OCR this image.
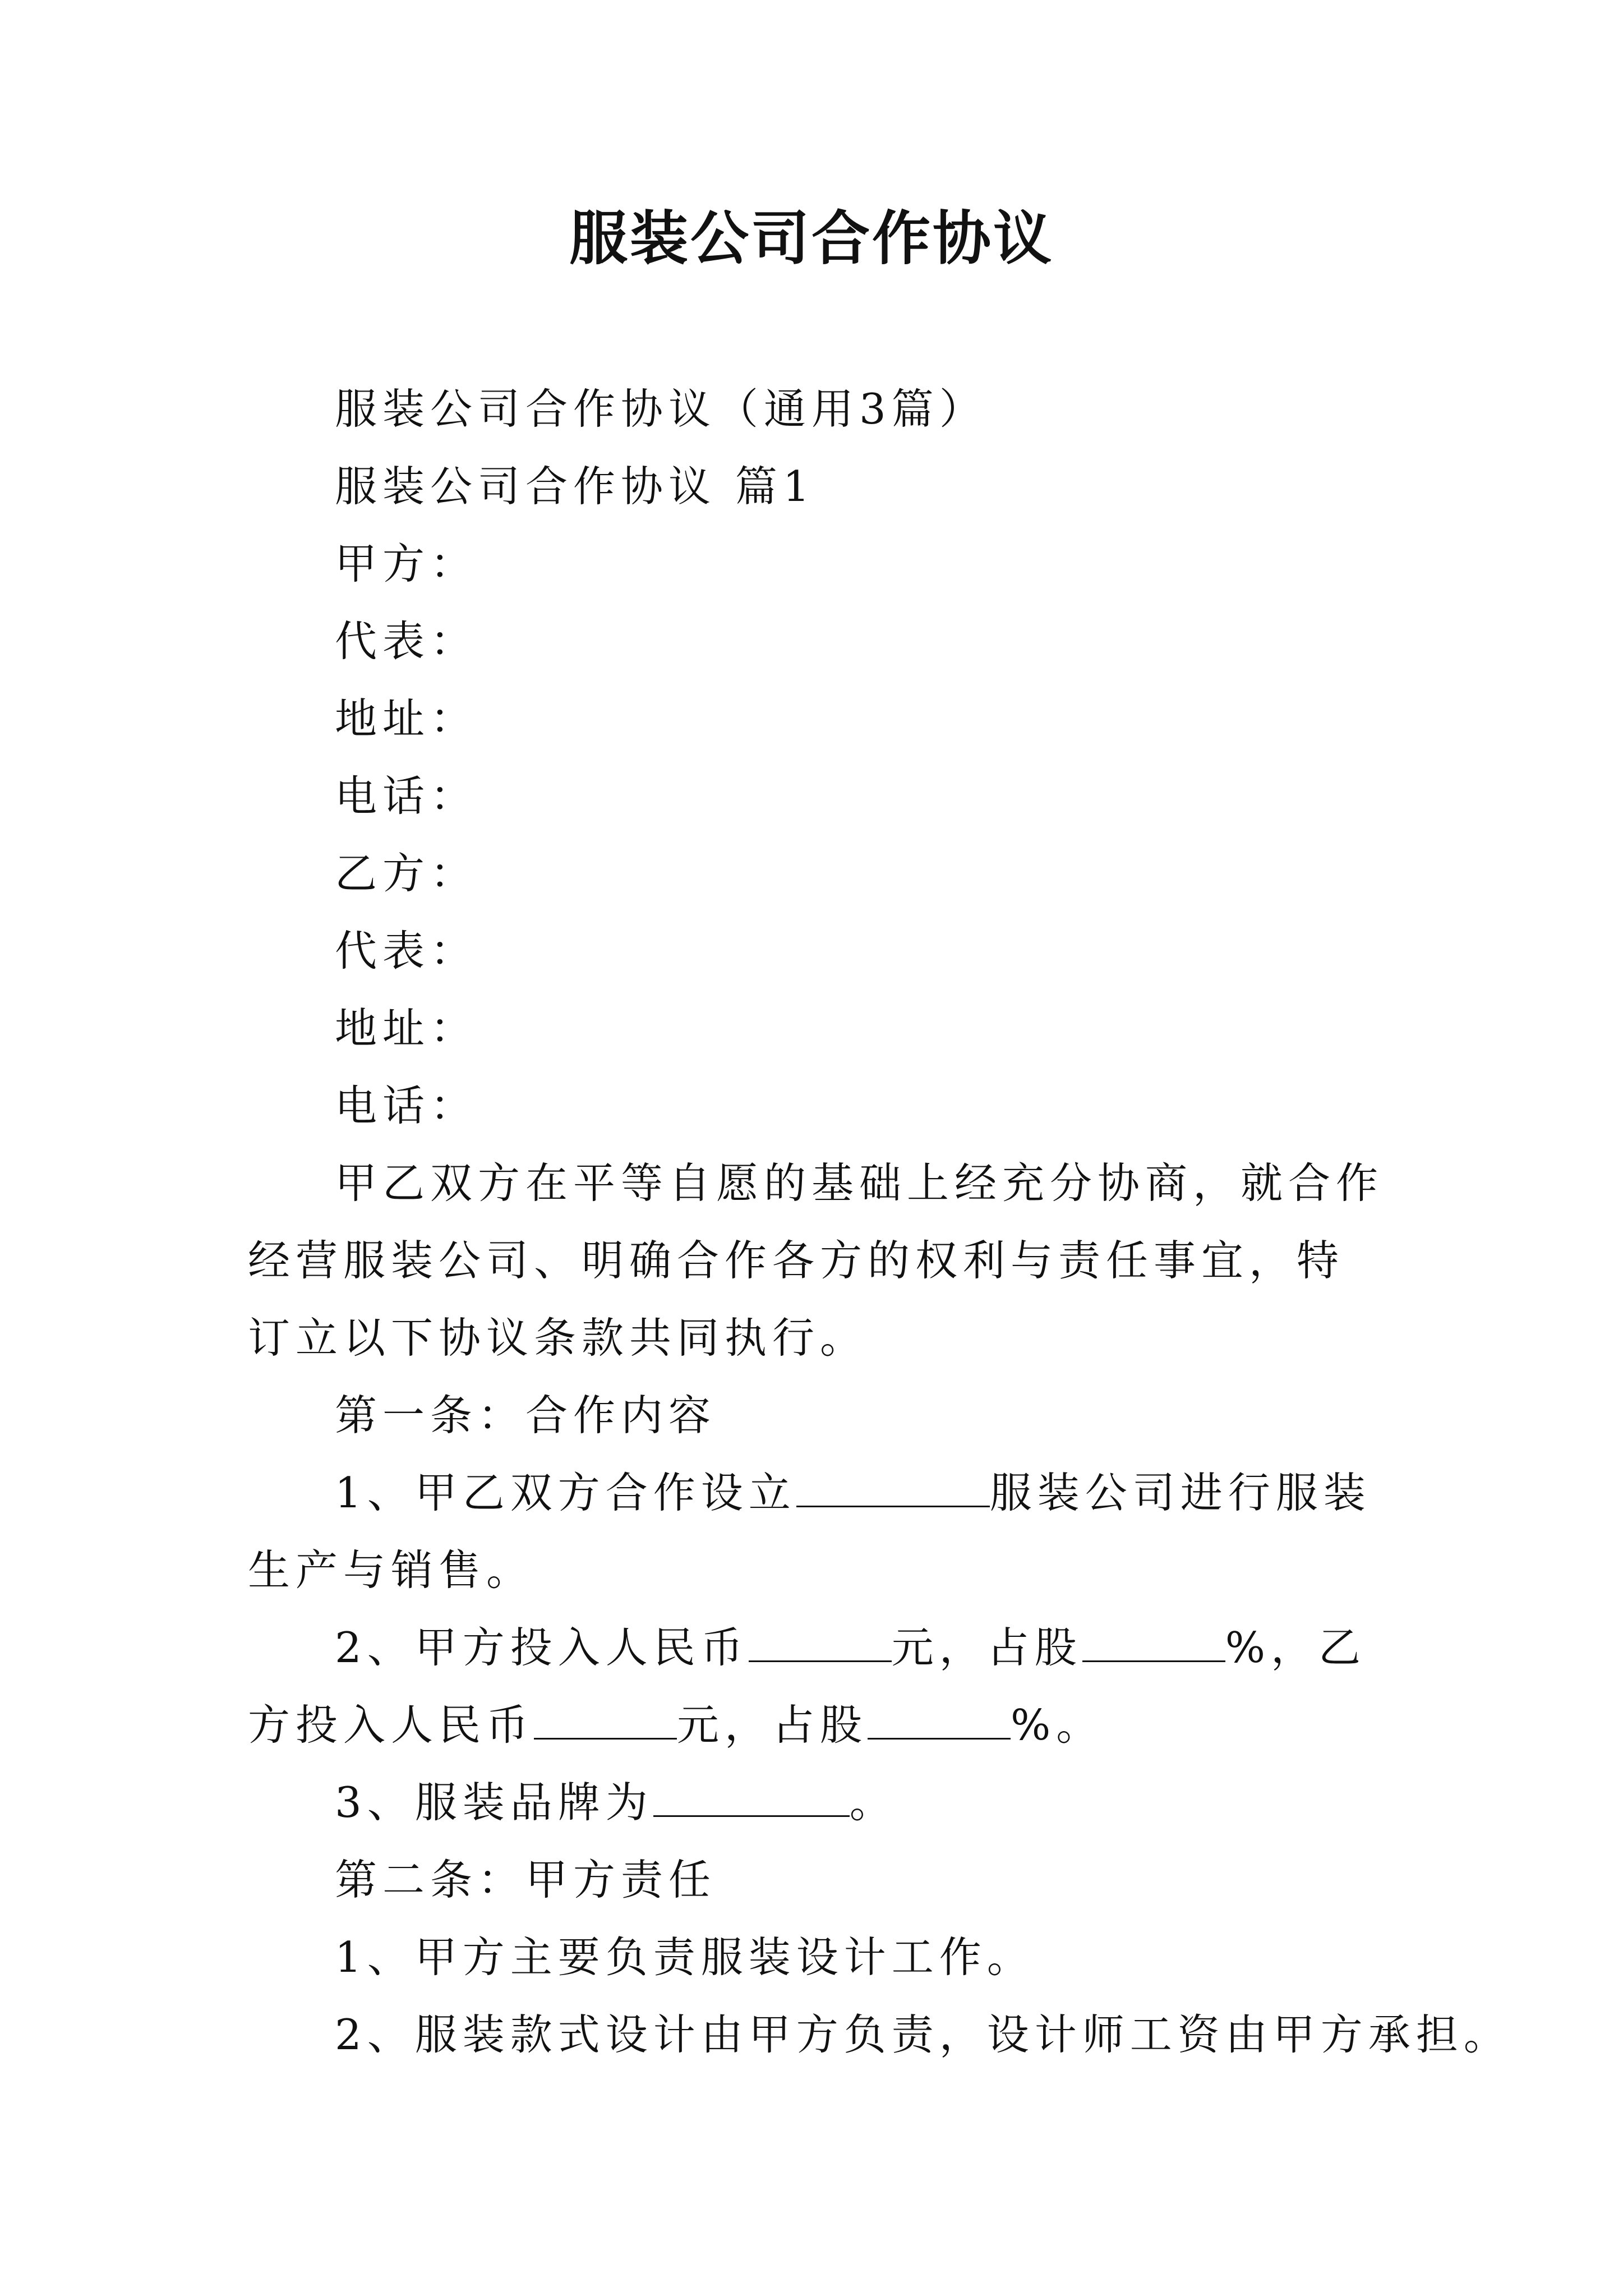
服装公司合作协议

服装公司合作协议（通用3篇）

服装公司合作协议 篇1

甲方：

代表：

地址：

电话：

乙方：

代表：

地址：

电话：

甲乙双方在平等自愿的基础上经充分协商，就合作经营服装公司、明确合作各方的权利与责任事宜，特订立以下协议条款共同执行。

第一条：合作内容

1、甲乙双方合作设立	服装公司进行服装生产与销售。

2、甲方投入人民币	元，占股	%，乙方投入人民币	元，占股	%。

3、服装品牌为	。

第二条：甲方责任

1、甲方主要负责服装设计工作。

2、服装款式设计由甲方负责，设计师工资由甲方承担。
